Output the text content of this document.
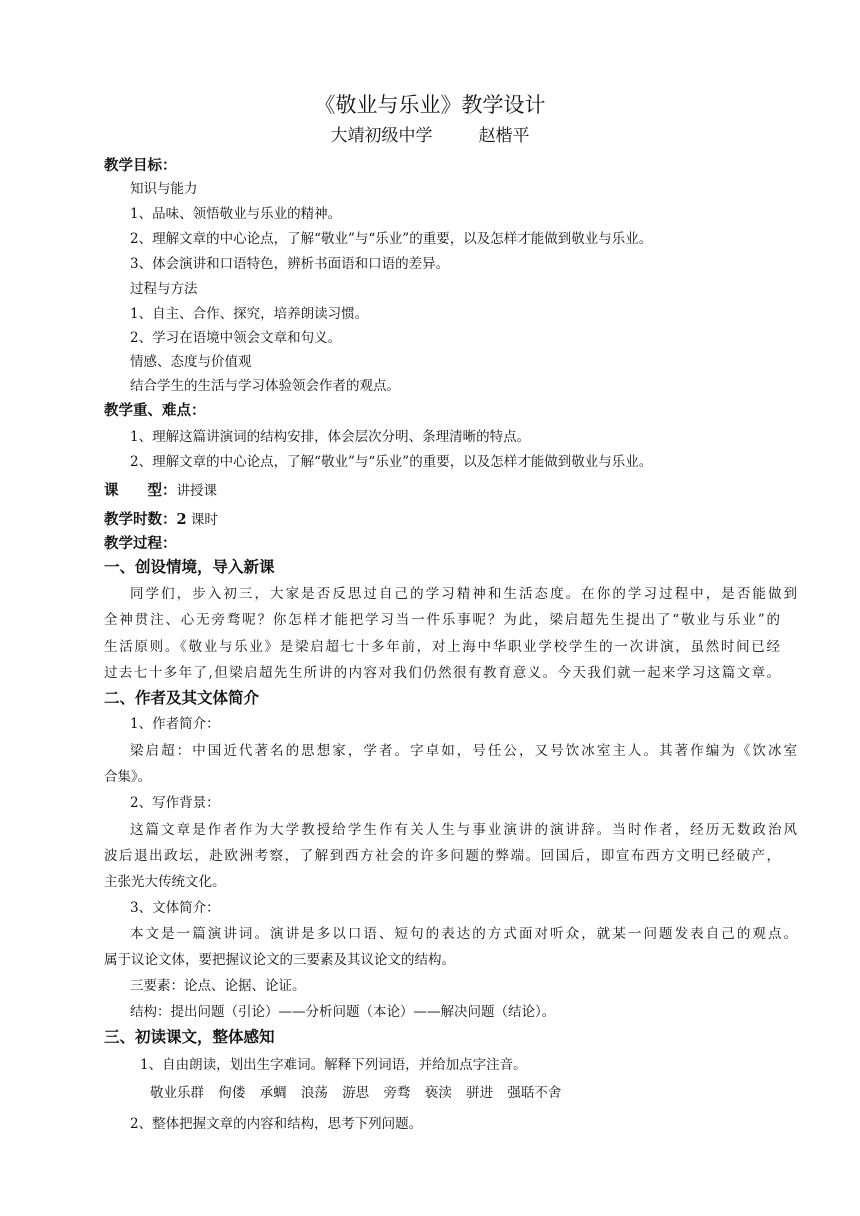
《敬业与乐业》教学设计
大靖初级中学	赵楷平
教学目标：
知识与能力
1、品味、领悟敬业与乐业的精神。
2、理解文章的中心论点，了解“敬业”与“乐业”的重要，以及怎样才能做到敬业与乐业。
3、体会演讲和口语特色，辨析书面语和口语的差异。
过程与方法
1、自主、合作、探究，培养朗读习惯。
2、学习在语境中领会文章和句义。
情感、态度与价值观
结合学生的生活与学习体验领会作者的观点。
教学重、难点：
1、理解这篇讲演词的结构安排，体会层次分明、条理清晰的特点。
2、理解文章的中心论点，了解“敬业”与“乐业”的重要，以及怎样才能做到敬业与乐业。
课　　型：讲授课
教学时数：2 课时
教学过程：
一、创设情境，导入新课
同学们，步入初三，大家是否反思过自己的学习精神和生活态度。在你的学习过程中，是否能做到
全神贯注、心无旁骛呢？你怎样才能把学习当一件乐事呢？为此，梁启超先生提出了“敬业与乐业”的
生活原则。《敬业与乐业》是梁启超七十多年前，对上海中华职业学校学生的一次讲演，虽然时间已经
过去七十多年了,但梁启超先生所讲的内容对我们仍然很有教育意义。今天我们就一起来学习这篇文章。
二、作者及其文体简介
1、作者简介：
梁启超：中国近代著名的思想家，学者。字卓如，号任公，又号饮冰室主人。其著作编为《饮冰室
合集》。
2、写作背景：
这篇文章是作者作为大学教授给学生作有关人生与事业演讲的演讲辞。当时作者，经历无数政治风
波后退出政坛，赴欧洲考察，了解到西方社会的许多问题的弊端。回国后，即宣布西方文明已经破产，
主张光大传统文化。
3、文体简介：
本文是一篇演讲词。演讲是多以口语、短句的表达的方式面对听众，就某一问题发表自己的观点。
属于议论文体，要把握议论文的三要素及其议论文的结构。
三要素：论点、论据、论证。
结构：提出问题（引论）——分析问题（本论）——解决问题（结论）。
三、初读课文，整体感知
1、自由朗读，划出生字难词。解释下列词语，并给加点字注音。
敬业乐群 佝偻 承蜩 浪荡 游思 旁骛 亵渎 骈进 强聒不舍
2、整体把握文章的内容和结构，思考下列问题。
